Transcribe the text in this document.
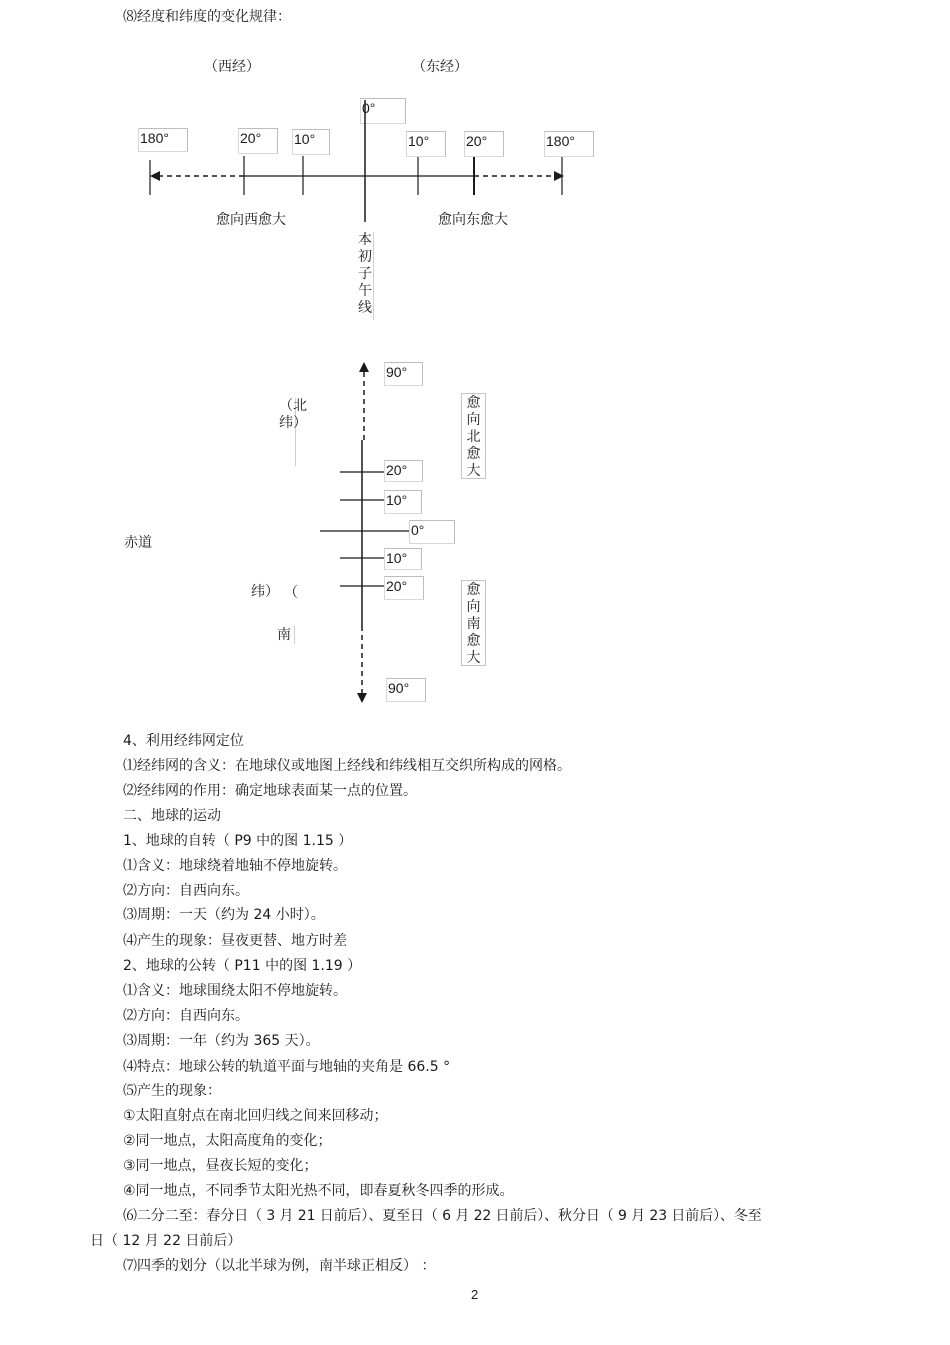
⑻经度和纬度的变化规律：
（西经）	（东经）
0°
180°	20°	10°	10°	20°	180°
愈向西愈大	愈向东愈大
本初子午线
90°
20°
10°
0°
10°
20°
90°
（北纬）
愈向北愈大
赤道
纬） （
南
愈向南愈大
4、利用经纬网定位
⑴经纬网的含义：在地球仪或地图上经线和纬线相互交织所构成的网格。
⑵经纬网的作用：确定地球表面某一点的位置。
二、地球的运动
1、地球的自转（ P9 中的图 1.15 ）
⑴含义：地球绕着地轴不停地旋转。
⑵方向：自西向东。
⑶周期：一天（约为 24 小时）。
⑷产生的现象：昼夜更替、地方时差
2、地球的公转（ P11 中的图 1.19 ）
⑴含义：地球围绕太阳不停地旋转。
⑵方向：自西向东。
⑶周期：一年（约为 365 天）。
⑷特点：地球公转的轨道平面与地轴的夹角是 66.5 °
⑸产生的现象：
①太阳直射点在南北回归线之间来回移动；
②同一地点，太阳高度角的变化；
③同一地点，昼夜长短的变化；
④同一地点，不同季节太阳光热不同，即春夏秋冬四季的形成。
⑹二分二至：春分日（ 3 月 21 日前后）、夏至日（ 6 月 22 日前后）、秋分日（ 9 月 23 日前后）、冬至
日（ 12 月 22 日前后）
⑺四季的划分（以北半球为例，南半球正相反） ：
2
